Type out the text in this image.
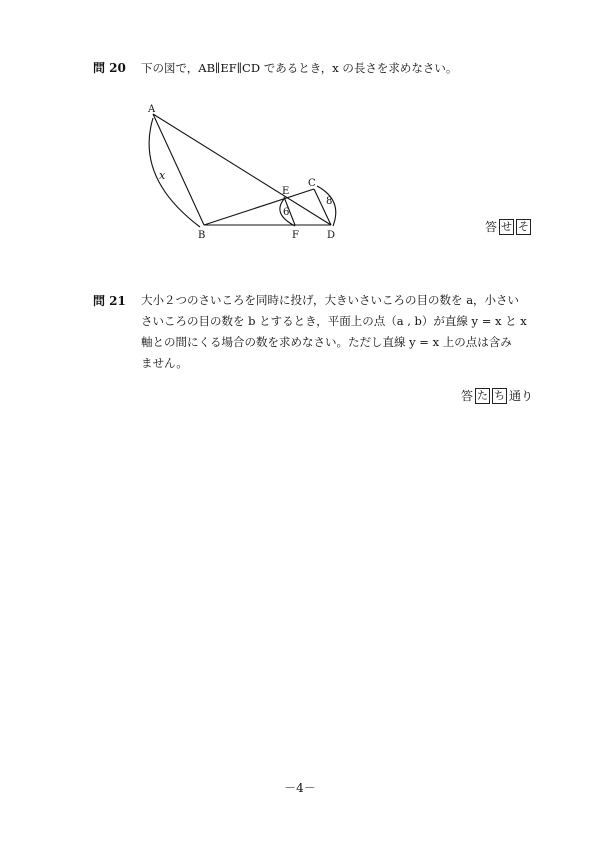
問 20 下の図で，AB∥EF∥CD であるとき，x の長さを求めなさい。
A
B
C
D
E
F
x
6
8
答 せ そ
問 21 大小２つのさいころを同時に投げ，大きいさいころの目の数を a，小さい
さいころの目の数を b とするとき，平面上の点（a , b）が直線 y = x と x
軸との間にくる場合の数を求めなさい。ただし直線 y = x 上の点は含み
ません。
答 た ち 通り
－4－
